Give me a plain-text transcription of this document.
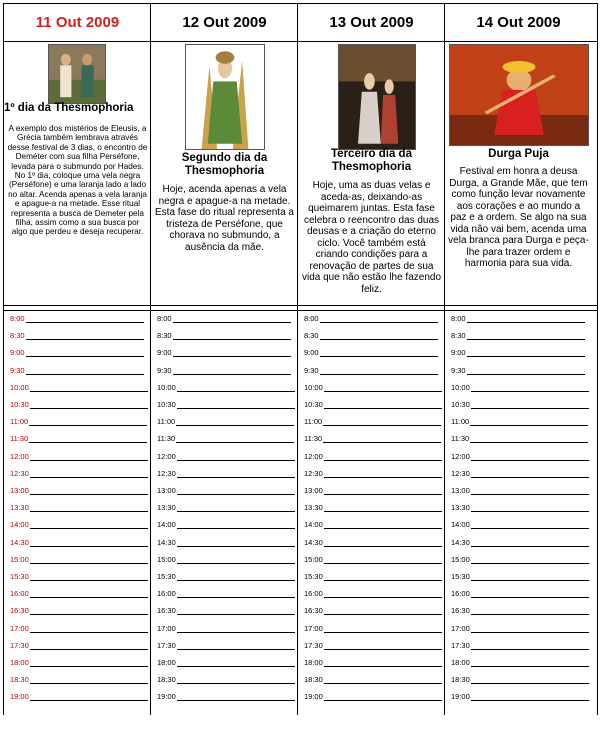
11 Out 2009
1º dia da Thesmophoria
A exemplo dos mistérios de Eleusis, a Grécia também lembrava através desse festival de 3 dias, o encontro de Deméter com sua filha Perséfone, levada para o submundo por Hades. No 1º dia, coloque uma vela negra (Perséfone) e uma laranja lado a lado no altar. Acenda apenas a vela laranja e apague-a na metade. Esse ritual representa a busca de Demeter pela filha, assim como a sua busca por algo que perdeu e deseja recuperar.
8:00
8:30
9:00
9:30
10:00
10:30
11:00
11:30
12:00
12:30
13:00
13:30
14:00
14:30
15:00
15:30
16:00
16:30
17:00
17:30
18:00
18:30
19:00
12 Out 2009
Segundo dia da Thesmophoria
Hoje, acenda apenas a vela negra e apague-a na metade. Esta fase do ritual representa a tristeza de Perséfone, que chorava no submundo, a ausência da mãe.
8:00
8:30
9:00
9:30
10:00
10:30
11:00
11:30
12:00
12:30
13:00
13:30
14:00
14:30
15:00
15:30
16:00
16:30
17:00
17:30
18:00
18:30
19:00
13 Out 2009
Terceiro dia da Thesmophoria
Hoje, uma as duas velas e aceda-as, deixando-as queimarem juntas. Esta fase celebra o reencontro das duas deusas e a criação do eterno ciclo. Você também está criando condições para a renovação de partes de sua vida que não estão lhe fazendo feliz.
8:00
8:30
9:00
9:30
10:00
10:30
11:00
11:30
12:00
12:30
13:00
13:30
14:00
14:30
15:00
15:30
16:00
16:30
17:00
17:30
18:00
18:30
19:00
14 Out 2009
Durga Puja
Festival em honra a deusa Durga, a Grande Mãe, que tem como função levar novamente aos corações e ao mundo a paz e a ordem. Se algo na sua vida não vai bem, acenda uma vela branca para Durga e peça-lhe para trazer ordem e harmonia para sua vida.
8:00
8:30
9:00
9:30
10:00
10:30
11:00
11:30
12:00
12:30
13:00
13:30
14:00
14:30
15:00
15:30
16:00
16:30
17:00
17:30
18:00
18:30
19:00
